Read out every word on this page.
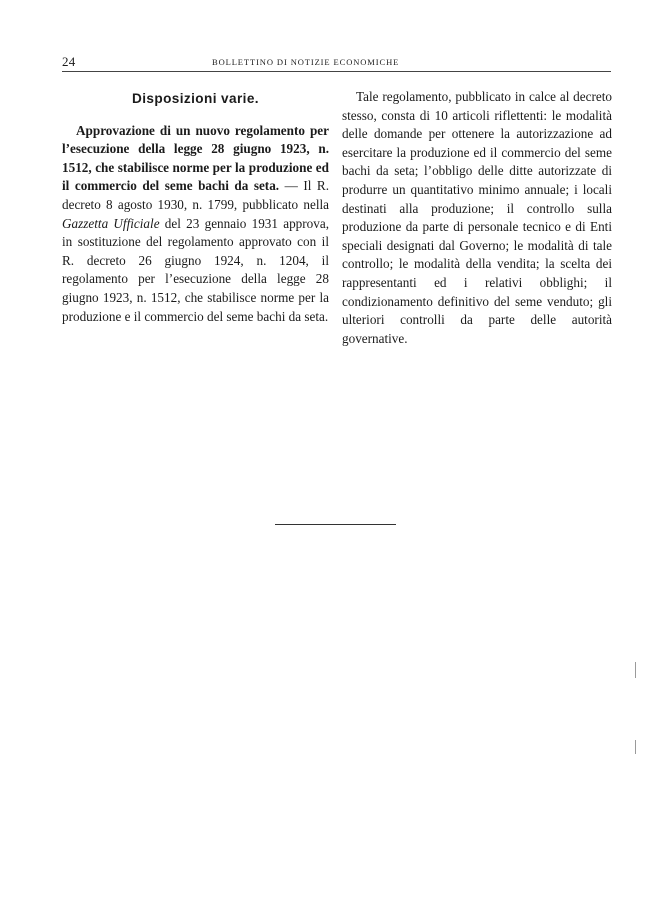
24	BOLLETTINO DI NOTIZIE ECONOMICHE
Disposizioni varie.

Approvazione di un nuovo regolamento per l’esecuzione della legge 28 giugno 1923, n. 1512, che stabilisce norme per la produzione ed il commercio del seme bachi da seta. — Il R. decreto 8 agosto 1930, n. 1799, pubblicato nella Gazzetta Ufficiale del 23 gennaio 1931 approva, in sostituzione del regolamento approvato con il R. decreto 26 giugno 1924, n. 1204, il regolamento per l’esecuzione della legge 28 giugno 1923, n. 1512, che stabilisce norme per la produzione e il commercio del seme bachi da seta.

Tale regolamento, pubblicato in calce al decreto stesso, consta di 10 articoli riflettenti: le modalità delle domande per ottenere la autorizzazione ad esercitare la produzione ed il commercio del seme bachi da seta; l’obbligo delle ditte autorizzate di produrre un quantitativo minimo annuale; i locali destinati alla produzione; il controllo sulla produzione da parte di personale tecnico e di Enti speciali designati dal Governo; le modalità di tale controllo; le modalità della vendita; la scelta dei rappresentanti ed i relativi obblighi; il condizionamento definitivo del seme venduto; gli ulteriori controlli da parte delle autorità governative.
